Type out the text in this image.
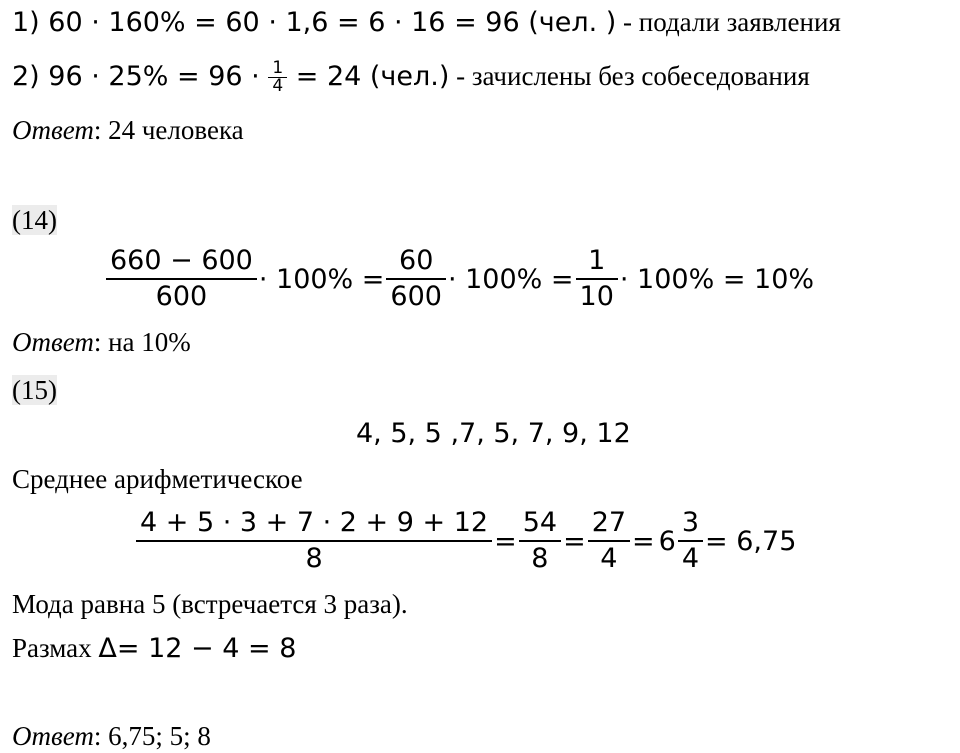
1) 60 · 160% = 60 · 1,6 = 6 · 16 = 96 (чел. ) - подали заявления
2) $96 \cdot 25\% = 96 \cdot \frac{1}{4} = 24$ (чел.) - зачислены без собеседования
Ответ: 24 человека
(14)
$\frac{660 - 600}{600} \cdot 100\% = \frac{60}{600} \cdot 100\% = \frac{1}{10} \cdot 100\% = 10\%$
Ответ: на 10%
(15)
4, 5, 5 ,7, 5, 7, 9, 12
Среднее арифметическое
$\frac{4 + 5 \cdot 3 + 7 \cdot 2 + 9 + 12}{8} = \frac{54}{8} = \frac{27}{4} = 6 \frac{3}{4} = 6,75$
Мода равна 5 (встречается 3 раза).
Размах Δ= 12 − 4 = 8
Ответ: 6,75; 5; 8
